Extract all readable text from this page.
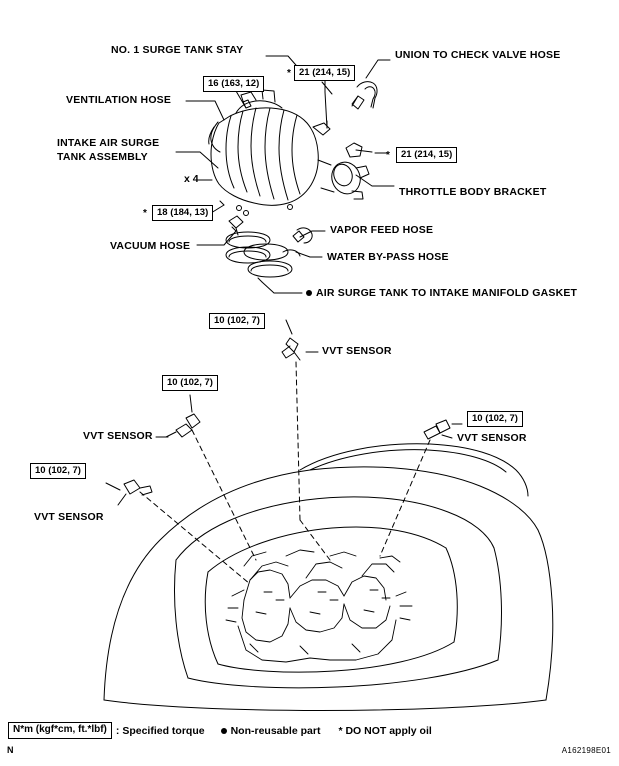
NO. 1 SURGE TANK STAY	UNION TO CHECK VALVE HOSE
VENTILATION HOSE
INTAKE AIR SURGE
TANK ASSEMBLY
THROTTLE BODY BRACKET
VACUUM HOSE
VAPOR FEED HOSE
WATER BY-PASS HOSE
AIR SURGE TANK TO INTAKE MANIFOLD GASKET
x 4
VVT SENSOR
VVT SENSOR
VVT SENSOR
VVT SENSOR
16 (163, 12)
* 21 (214, 15)
*	21 (214, 15)
*	18 (184, 13)
10 (102, 7)
10 (102, 7)
10 (102, 7)
10 (102, 7)
N*m (kgf*cm, ft.*lbf) : Specified torque Non-reusable part * DO NOT apply oil
N	A162198E01
